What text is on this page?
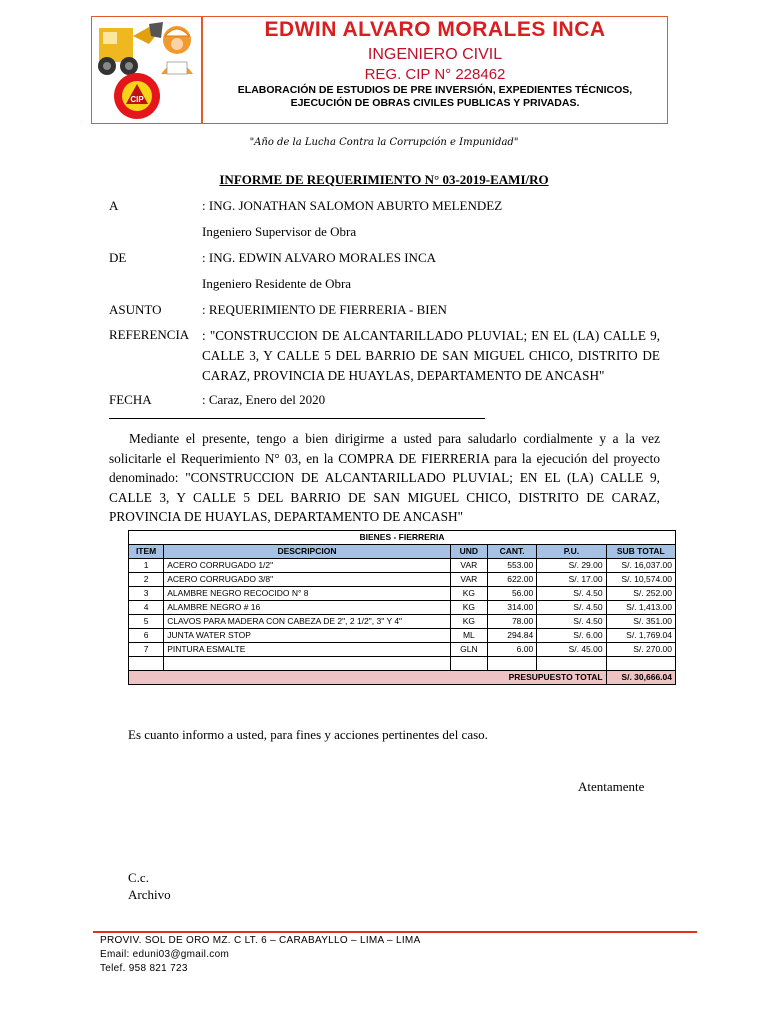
CIP
EDWIN ALVARO MORALES INCA
INGENIERO CIVIL
REG. CIP N° 228462
ELABORACIÓN DE ESTUDIOS DE PRE INVERSIÓN, EXPEDIENTES TÉCNICOS,
EJECUCIÓN DE OBRAS CIVILES PUBLICAS Y PRIVADAS.
"Año de la Lucha Contra la Corrupción e Impunidad"
INFORME DE REQUERIMIENTO N° 03-2019-EAMI/RO
A	: ING. JONATHAN SALOMON ABURTO MELENDEZ
Ingeniero Supervisor de Obra
DE	: ING. EDWIN ALVARO MORALES INCA
Ingeniero Residente de Obra
ASUNTO	: REQUERIMIENTO DE FIERRERIA - BIEN
REFERENCIA : "CONSTRUCCION DE ALCANTARILLADO PLUVIAL; EN EL (LA) CALLE 9, CALLE 3, Y CALLE 5 DEL BARRIO DE SAN MIGUEL CHICO, DISTRITO DE CARAZ, PROVINCIA DE HUAYLAS, DEPARTAMENTO DE ANCASH"
FECHA	: Caraz, Enero del 2020
Mediante el presente, tengo a bien dirigirme a usted para saludarlo cordialmente y a la vez solicitarle el Requerimiento N° 03, en la COMPRA DE FIERRERIA para la ejecución del proyecto denominado: "CONSTRUCCION DE ALCANTARILLADO PLUVIAL; EN EL (LA) CALLE 9, CALLE 3, Y CALLE 5 DEL BARRIO DE SAN MIGUEL CHICO, DISTRITO DE CARAZ, PROVINCIA DE HUAYLAS, DEPARTAMENTO DE ANCASH"
BIENES - FIERRERIA					
ITEM	DESCRIPCION	UND	CANT.	P.U.	SUB TOTAL
1	ACERO CORRUGADO 1/2"	VAR	553.00	S/. 29.00	S/. 16,037.00
2	ACERO CORRUGADO 3/8"	VAR	622.00	S/. 17.00	S/. 10,574.00
3	ALAMBRE NEGRO RECOCIDO N° 8	KG	56.00	S/. 4.50	S/. 252.00
4	ALAMBRE NEGRO # 16	KG	314.00	S/. 4.50	S/. 1,413.00
5	CLAVOS PARA MADERA CON CABEZA DE 2", 2 1/2", 3" Y 4"	KG	78.00	S/. 4.50	S/. 351.00
6	JUNTA WATER STOP	ML	294.84	S/. 6.00	S/. 1,769.04
7	PINTURA ESMALTE	GLN	6.00	S/. 45.00	S/. 270.00

PRESUPUESTO TOTAL					S/. 30,666.04
Es cuanto informo a usted, para fines y acciones pertinentes del caso.
Atentamente
C.c.
Archivo
PROVIV. SOL DE ORO MZ. C LT. 6 – CARABAYLLO – LIMA – LIMA
Email: eduni03@gmail.com
Telef. 958 821 723
